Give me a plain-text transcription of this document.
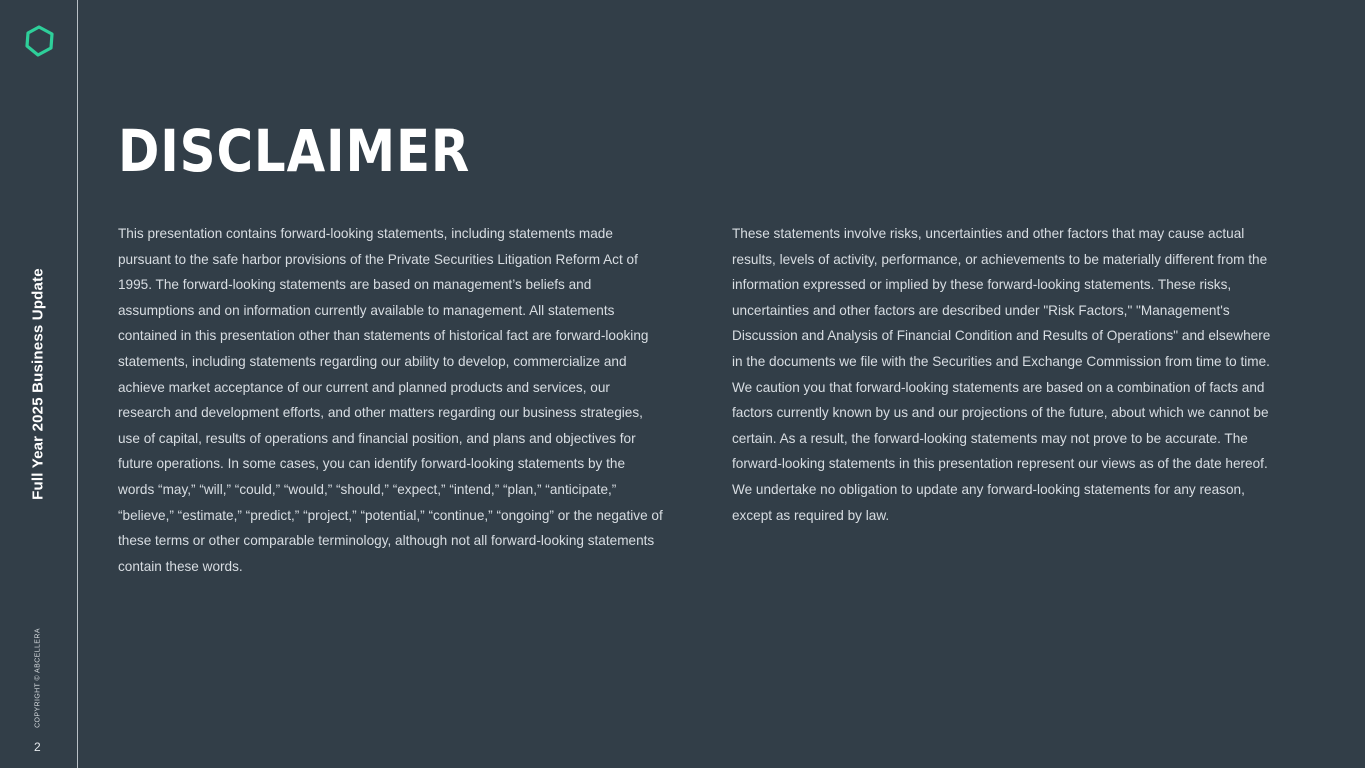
Full Year 2025 Business Update
COPYRIGHT © ABCELLERA
2
DISCLAIMER

This presentation contains forward-looking statements, including statements made pursuant to the safe harbor provisions of the Private Securities Litigation Reform Act of 1995. The forward-looking statements are based on management’s beliefs and assumptions and on information currently available to management. All statements contained in this presentation other than statements of historical fact are forward-looking statements, including statements regarding our ability to develop, commercialize and achieve market acceptance of our current and planned products and services, our research and development efforts, and other matters regarding our business strategies, use of capital, results of operations and financial position, and plans and objectives for future operations. In some cases, you can identify forward-looking statements by the words “may,” “will,” “could,” “would,” “should,” “expect,” “intend,” “plan,” “anticipate,” “believe,” “estimate,” “predict,” “project,” “potential,” “continue,” “ongoing” or the negative of these terms or other comparable terminology, although not all forward-looking statements contain these words.

These statements involve risks, uncertainties and other factors that may cause actual results, levels of activity, performance, or achievements to be materially different from the information expressed or implied by these forward-looking statements. These risks, uncertainties and other factors are described under "Risk Factors," "Management's Discussion and Analysis of Financial Condition and Results of Operations" and elsewhere in the documents we file with the Securities and Exchange Commission from time to time. We caution you that forward-looking statements are based on a combination of facts and factors currently known by us and our projections of the future, about which we cannot be certain. As a result, the forward-looking statements may not prove to be accurate. The forward-looking statements in this presentation represent our views as of the date hereof. We undertake no obligation to update any forward-looking statements for any reason, except as required by law.
